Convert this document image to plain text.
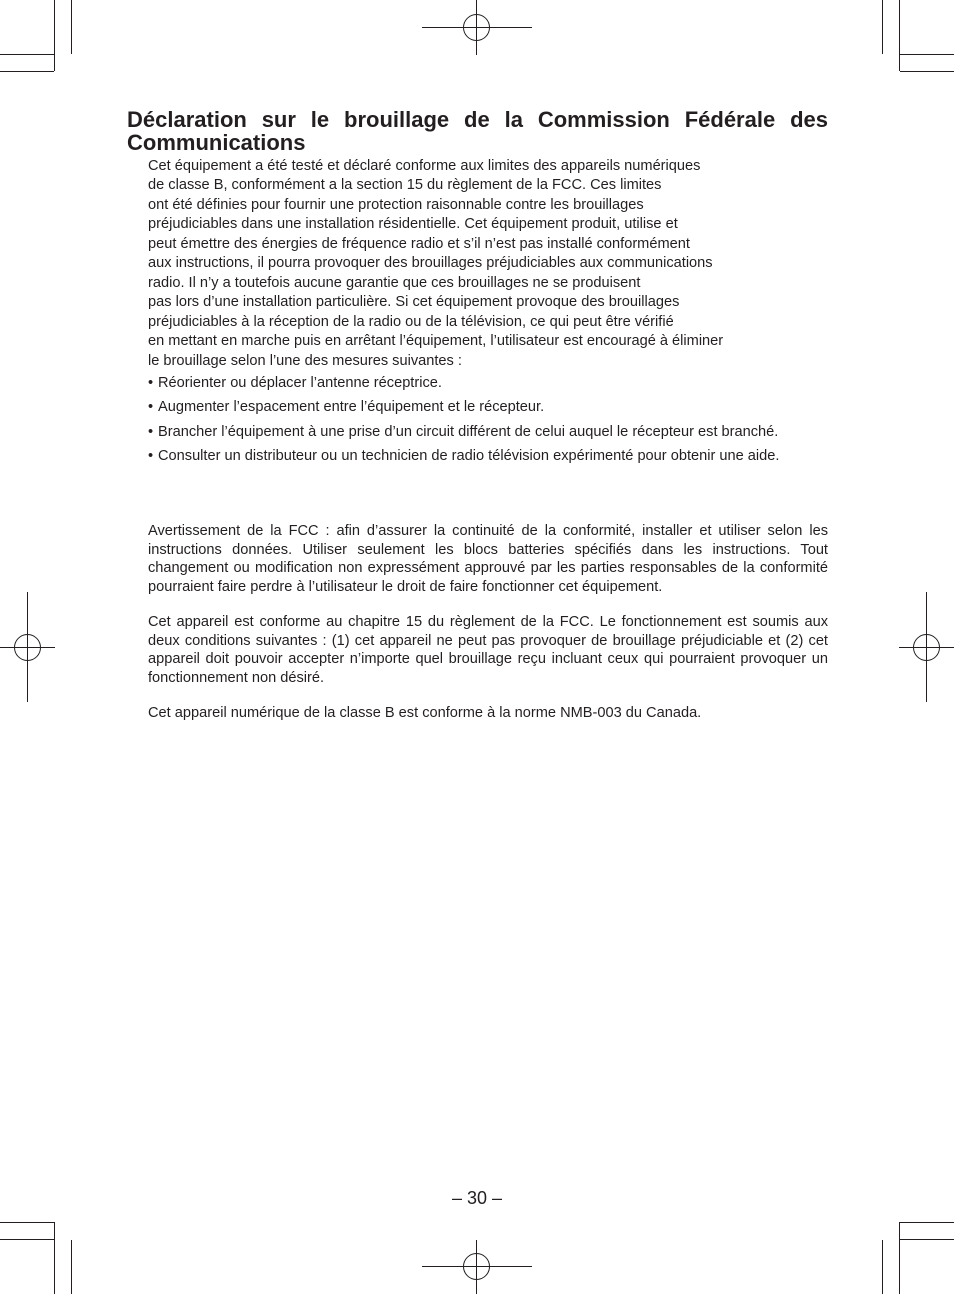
Déclaration sur le brouillage de la Commission Fédérale des Communications
Cet équipement a été testé et déclaré conforme aux limites des appareils numériques
de classe B, conformément a la section 15 du règlement de la FCC. Ces limites
ont été définies pour fournir une protection raisonnable contre les brouillages
préjudiciables dans une installation résidentielle. Cet équipement produit, utilise et
peut émettre des énergies de fréquence radio et s’il n’est pas installé conformément
aux instructions, il pourra provoquer des brouillages préjudiciables aux communications
radio. Il n’y a toutefois aucune garantie que ces brouillages ne se produisent
pas lors d’une installation particulière. Si cet équipement provoque des brouillages
préjudiciables à la réception de la radio ou de la télévision, ce qui peut être vérifié
en mettant en marche puis en arrêtant l’équipement, l’utilisateur est encouragé à éliminer
le brouillage selon l’une des mesures suivantes :
• Réorienter ou déplacer l’antenne réceptrice.
• Augmenter l’espacement entre l’équipement et le récepteur.
• Brancher l’équipement à une prise d’un circuit différent de celui auquel le récepteur est branché.
• Consulter un distributeur ou un technicien de radio télévision expérimenté pour obtenir une aide.

Avertissement de la FCC : afin d’assurer la continuité de la conformité, installer et utiliser selon les instructions données. Utiliser seulement les blocs batteries spécifiés dans les instructions. Tout changement ou modification non expressément approuvé par les parties responsables de la conformité pourraient faire perdre à l’utilisateur le droit de faire fonctionner cet équipement.

Cet appareil est conforme au chapitre 15 du règlement de la FCC. Le fonctionnement est soumis aux deux conditions suivantes : (1) cet appareil ne peut pas provoquer de brouillage préjudiciable et (2) cet appareil doit pouvoir accepter n’importe quel brouillage reçu incluant ceux qui pourraient provoquer un fonctionnement non désiré.

Cet appareil numérique de la classe B est conforme à la norme NMB-003 du Canada.

– 30 –
